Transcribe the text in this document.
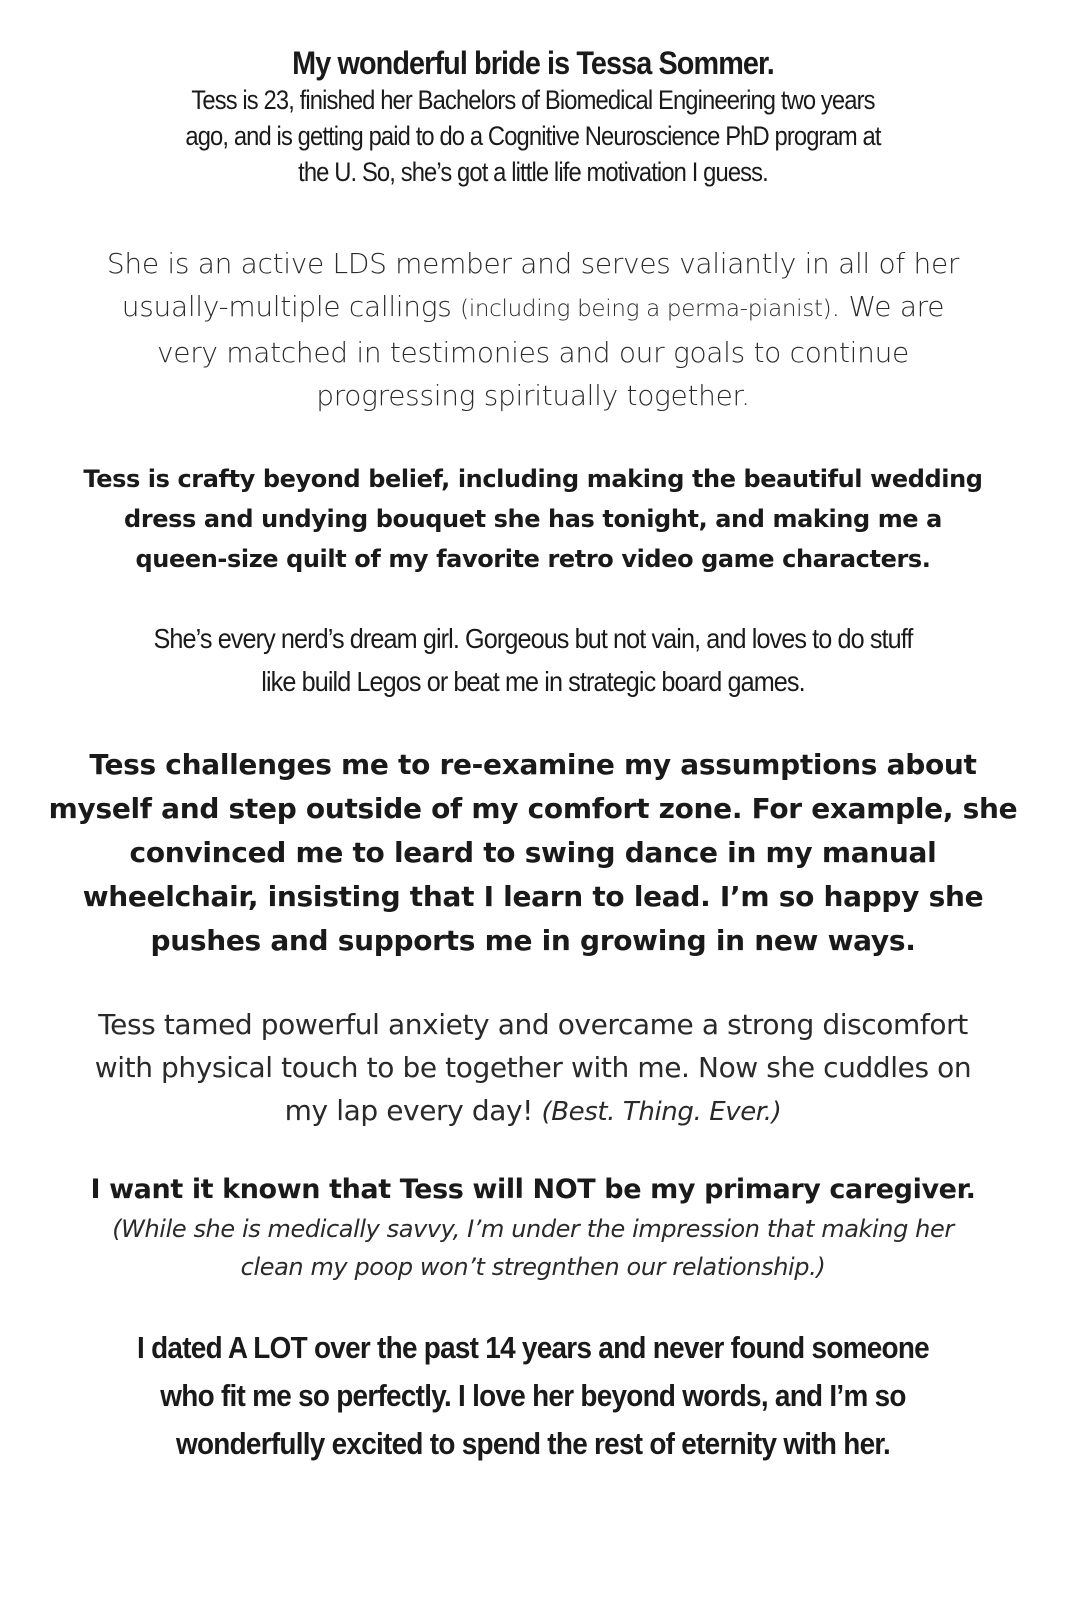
My wonderful bride is Tessa Sommer.

Tess is 23, finished her Bachelors of Biomedical Engineering two years
ago, and is getting paid to do a Cognitive Neuroscience PhD program at
the U. So, she’s got a little life motivation I guess.

She is an active LDS member and serves valiantly in all of her
usually-multiple callings (including being a perma-pianist). We are
very matched in testimonies and our goals to continue
progressing spiritually together.

Tess is crafty beyond belief, including making the beautiful wedding
dress and undying bouquet she has tonight, and making me a
queen-size quilt of my favorite retro video game characters.

She’s every nerd’s dream girl. Gorgeous but not vain, and loves to do stuff
like build Legos or beat me in strategic board games.

Tess challenges me to re-examine my assumptions about
myself and step outside of my comfort zone. For example, she
convinced me to leard to swing dance in my manual
wheelchair, insisting that I learn to lead. I’m so happy she
pushes and supports me in growing in new ways.

Tess tamed powerful anxiety and overcame a strong discomfort
with physical touch to be together with me. Now she cuddles on
my lap every day! (Best. Thing. Ever.)

I want it known that Tess will NOT be my primary caregiver.

(While she is medically savvy, I’m under the impression that making her
clean my poop won’t stregnthen our relationship.)

I dated A LOT over the past 14 years and never found someone
who fit me so perfectly. I love her beyond words, and I’m so
wonderfully excited to spend the rest of eternity with her.
